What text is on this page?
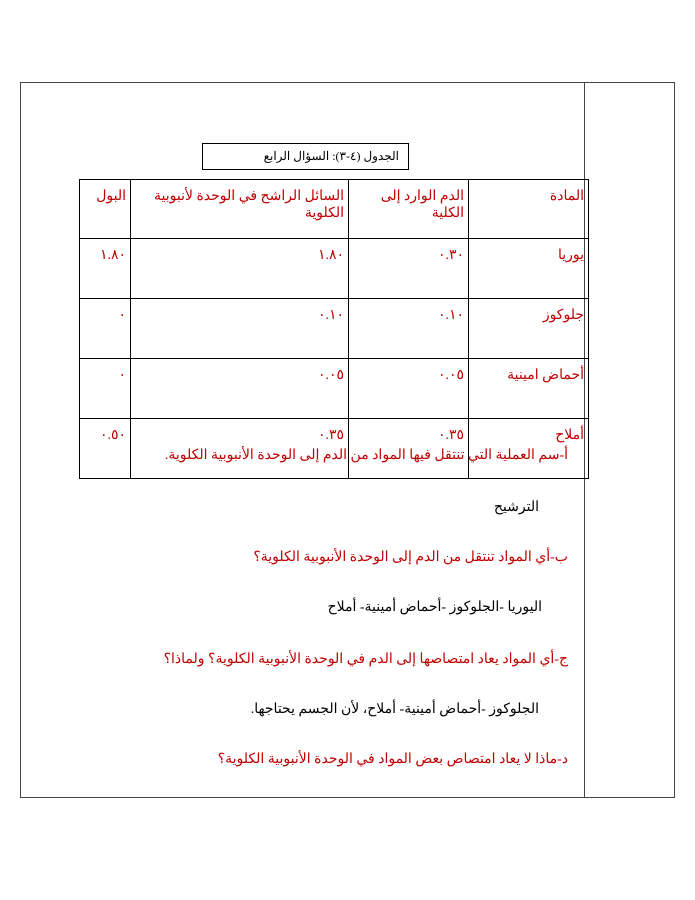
الجدول (٤-٣): السؤال الرابع
المادة	الدم الوارد إلى الكلية	السائل الراشح في الوحدة لأنبوبية الكلوية	البول
يوريا	٠.٣٠	١.٨٠	١.٨٠
جلوكوز	٠.١٠	٠.١٠	٠
أحماض امينية	٠.٠٥	٠.٠٥	٠
أملاح	٠.٣٥	٠.٣٥	٠.٥٠
أ-سم العملية التي تنتقل فيها المواد من الدم إلى الوحدة الأنبوبية الكلوية.
الترشيح
ب-أي المواد تنتقل من الدم إلى الوحدة الأنبوبية الكلوية؟
اليوريا -الجلوكوز -أحماض أمينية- أملاح
ج-أي المواد يعاد امتصاصها إلى الدم في الوحدة الأنبوبية الكلوية؟ ولماذا؟
الجلوكوز -أحماض أمينية- أملاح، لأن الجسم يحتاجها.
د-ماذا لا يعاد امتصاص بعض المواد في الوحدة الأنبوبية الكلوية؟
